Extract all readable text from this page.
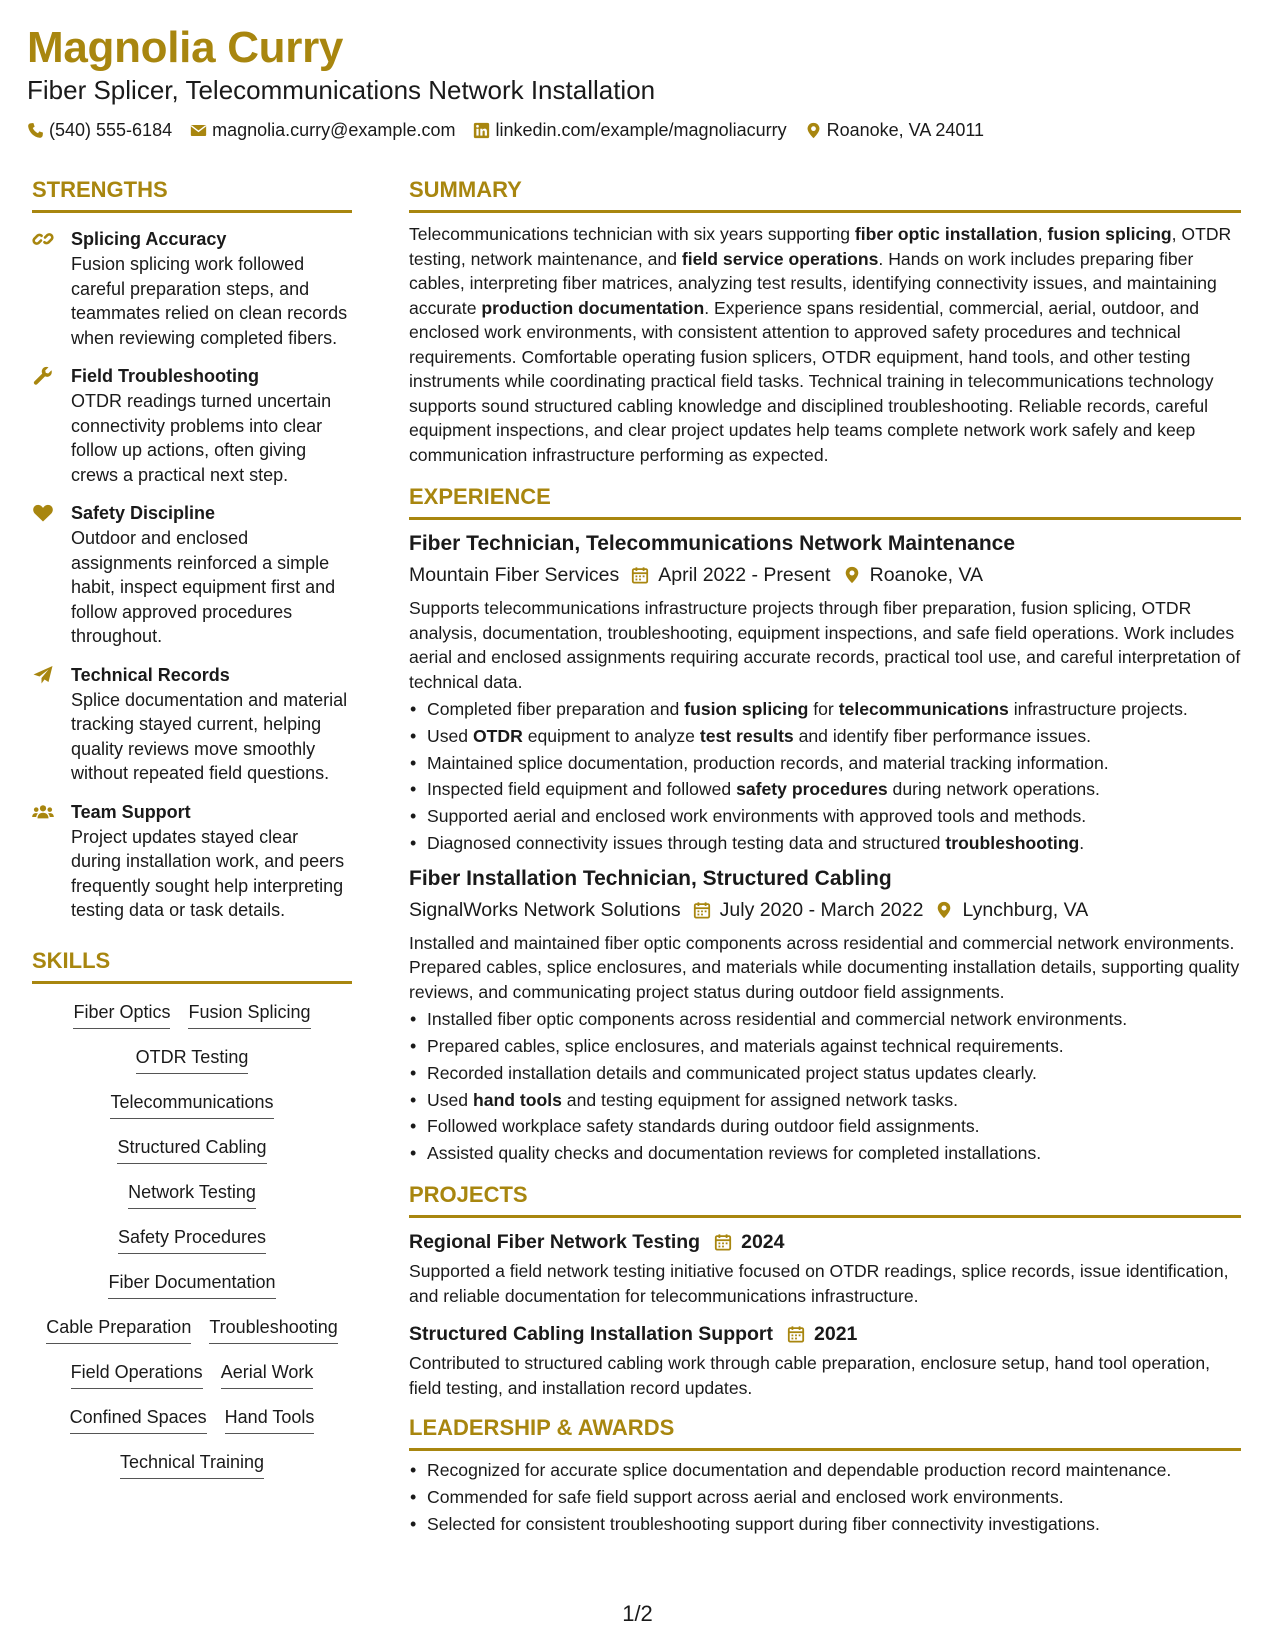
Magnolia Curry
Fiber Splicer, Telecommunications Network Installation
(540) 555-6184 magnolia.curry@example.com linkedin.com/example/magnoliacurry Roanoke, VA 24011
STRENGTHS
Splicing Accuracy
Fusion splicing work followed careful preparation steps, and teammates relied on clean records when reviewing completed fibers.
Field Troubleshooting
OTDR readings turned uncertain connectivity problems into clear follow up actions, often giving crews a practical next step.
Safety Discipline
Outdoor and enclosed assignments reinforced a simple habit, inspect equipment first and follow approved procedures throughout.
Technical Records
Splice documentation and material tracking stayed current, helping quality reviews move smoothly without repeated field questions.
Team Support
Project updates stayed clear during installation work, and peers frequently sought help interpreting testing data or task details.
SKILLS
Fiber Optics Fusion Splicing
OTDR Testing
Telecommunications
Structured Cabling
Network Testing
Safety Procedures
Fiber Documentation
Cable Preparation Troubleshooting
Field Operations Aerial Work
Confined Spaces Hand Tools
Technical Training
SUMMARY
Telecommunications technician with six years supporting fiber optic installation, fusion splicing, OTDR testing, network maintenance, and field service operations. Hands on work includes preparing fiber cables, interpreting fiber matrices, analyzing test results, identifying connectivity issues, and maintaining accurate production documentation. Experience spans residential, commercial, aerial, outdoor, and enclosed work environments, with consistent attention to approved safety procedures and technical requirements. Comfortable operating fusion splicers, OTDR equipment, hand tools, and other testing instruments while coordinating practical field tasks. Technical training in telecommunications technology supports sound structured cabling knowledge and disciplined troubleshooting. Reliable records, careful equipment inspections, and clear project updates help teams complete network work safely and keep communication infrastructure performing as expected.
EXPERIENCE
Fiber Technician, Telecommunications Network Maintenance
Mountain Fiber Services April 2022 - Present Roanoke, VA
Supports telecommunications infrastructure projects through fiber preparation, fusion splicing, OTDR analysis, documentation, troubleshooting, equipment inspections, and safe field operations. Work includes aerial and enclosed assignments requiring accurate records, practical tool use, and careful interpretation of technical data.
• Completed fiber preparation and fusion splicing for telecommunications infrastructure projects.
• Used OTDR equipment to analyze test results and identify fiber performance issues.
• Maintained splice documentation, production records, and material tracking information.
• Inspected field equipment and followed safety procedures during network operations.
• Supported aerial and enclosed work environments with approved tools and methods.
• Diagnosed connectivity issues through testing data and structured troubleshooting.
Fiber Installation Technician, Structured Cabling
SignalWorks Network Solutions July 2020 - March 2022 Lynchburg, VA
Installed and maintained fiber optic components across residential and commercial network environments. Prepared cables, splice enclosures, and materials while documenting installation details, supporting quality reviews, and communicating project status during outdoor field assignments.
• Installed fiber optic components across residential and commercial network environments.
• Prepared cables, splice enclosures, and materials against technical requirements.
• Recorded installation details and communicated project status updates clearly.
• Used hand tools and testing equipment for assigned network tasks.
• Followed workplace safety standards during outdoor field assignments.
• Assisted quality checks and documentation reviews for completed installations.
PROJECTS
Regional Fiber Network Testing 2024
Supported a field network testing initiative focused on OTDR readings, splice records, issue identification, and reliable documentation for telecommunications infrastructure.
Structured Cabling Installation Support 2021
Contributed to structured cabling work through cable preparation, enclosure setup, hand tool operation, field testing, and installation record updates.
LEADERSHIP & AWARDS
• Recognized for accurate splice documentation and dependable production record maintenance.
• Commended for safe field support across aerial and enclosed work environments.
• Selected for consistent troubleshooting support during fiber connectivity investigations.
1/2
